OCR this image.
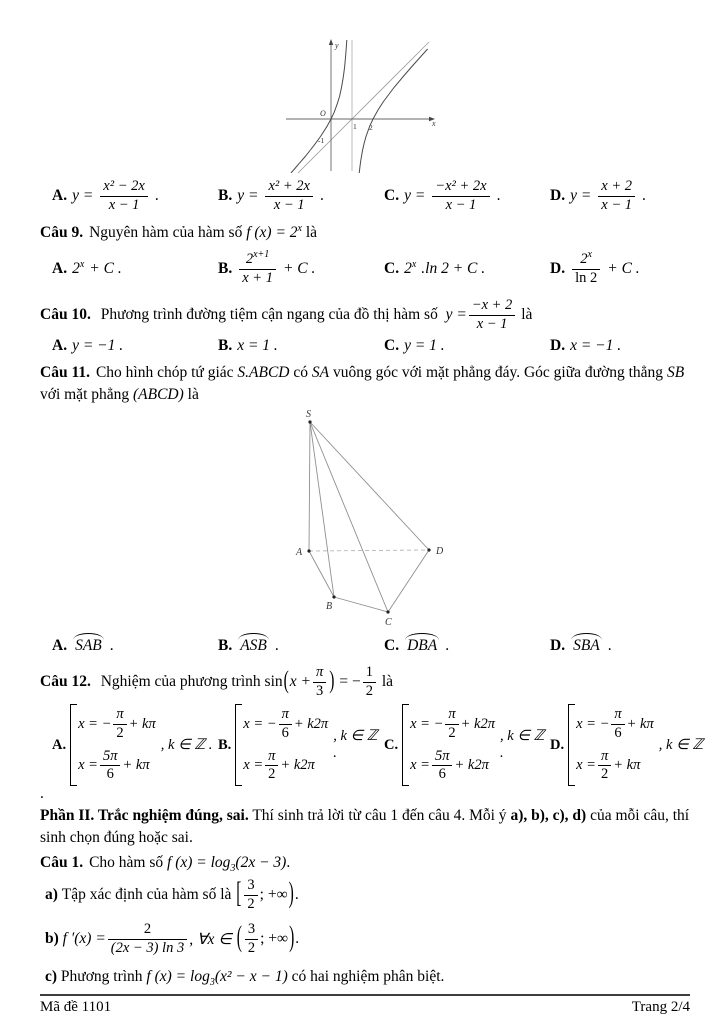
y
x
O
1 2
-1
A. $y = \frac{\text{x² − 2x}}{x - 1}$ .	B. $y = \frac{\text{x² + 2x}}{x - 1}$ .	C. $y = \frac{\text{−x² + 2x}}{x - 1}$ .	D. $y = \frac{x + 2}{x - 1}$ .
Câu 9. Nguyên hàm của hàm số f $(x) = 2^x$ là
A. $2^x + C$ .	B. $\frac{2^{x+1}}{x + 1} + C$ .	C. 2$^x$ .ln 2 + C .	D. $\frac{2^x}{\ln 2} + C$ .
Câu 10.
Phương trình đường tiệm cận ngang của đồ thị hàm số
$y = \frac{-x + 2}{x - 1}$
là
A. y = −1 .	B. x = 1 .	C. y = 1 .	D. x = −1 .
Câu 11. Cho hình chóp tứ giác S.ABCD có SA vuông góc với mặt phẳng đáy. Góc giữa đường thẳng SB với mặt phẳng (ABCD) là
S
A	D
B
C
A. SAB .	B. ASB .	C. DBA .	D. SBA .
Câu 12.
Nghiệm của phương trình
sin ( $x + \frac{\pi}{3}$ )
= − $\frac{1}{2}$
là
A.
x = − $\frac{\pi}{2} + k\pi$
$x = \frac{5\pi}{6} + k\pi$
, k ∈ ℤ . B.
x = − $\frac{\pi}{6} + k2\pi$
$x = \frac{\pi}{2} + k2\pi$
, k ∈ ℤ .
C.
x = − $\frac{\pi}{2} + k2\pi$
$x = \frac{5\pi}{6} + k2\pi$
, k ∈ ℤ .
D.
x = − $\frac{\pi}{6} + k\pi$
$x = \frac{\pi}{2} + k\pi$
, k ∈ ℤ
.
Phần II. Trắc nghiệm đúng, sai. Thí sinh trả lời từ câu 1 đến câu 4. Mỗi ý a), b), c), d) của mỗi câu, thí sinh chọn đúng hoặc sai.
Câu 1. Cho hàm số f $(x) = \log_3(2x - 3)$.
a)
Tập xác định của hàm số là
[ $\frac{3}{2}$ ; +∞ ) .
b)
f $'(x) = \frac{2}{(2x - 3) \ln 3}$ , ∀x ∈
( $\frac{3}{2}$ ; +∞ ) .
c) Phương trình f $(x) = \log_3(x^2 - x - 1)$ có hai nghiệm phân biệt.
Mã đề 1101	Trang 2/4
